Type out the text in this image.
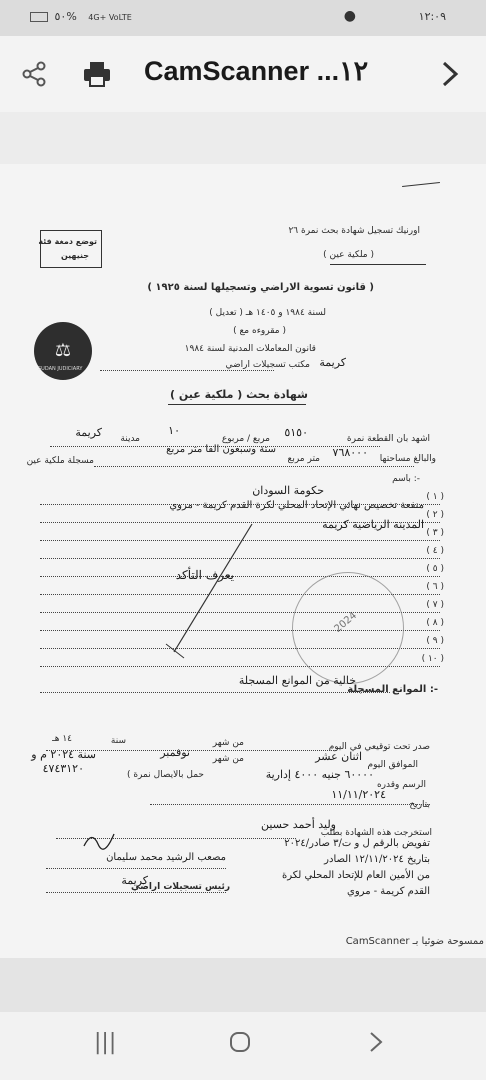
٥٠% 4G+ VoLTE	●	١٢:٠٩
CamScanner ...١٢
اورنيك تسجيل شهادة بحث نمرة ٢٦
( ملكية عين )
توضع دمغة فئة
جنيهين
( قانون تسوية الاراضي وتسجيلها لسنة ١٩٢٥ )
( تعديل ) لسنة ١٩٨٤ و ١٤٠٥ هـ
( مقروءه مع )
قانون المعاملات المدنية لسنة ١٩٨٤
مكتب تسجيلات اراضي كريمة
⚖
SUDAN JUDICIARY
شهادة بحث ( ملكية عين )
اشهد بان القطعة نمرة
٥١٥٠
مربع / مربوع
١٠
مدينة
كريمة
والبالغ مساحتها
٧٦٨٠٠٠
متر مربع
ستة وسبعون الفا متر مربع
مسجلة ملكية عين
باسم :-
( ١ )
حكومة السودان
( ٢ )
منفعة تخصيص نهائي الإتحاد المحلي لكرة القدم كريمة - مروي
( ٣ )
المدينة الرياضية كريمة
( ٤ )
( ٥ )
( ٦ )
يعرف التأكد
( ٧ )
( ٨ )
( ٩ )
( ١٠ )
2024
الموانع المسجلة :-
خالية من الموانع المسجلة
صدر تحت توقيعي في اليوم
من شهر
سنة
١٤ هـ
الموافق اليوم
اثنان عشر
من شهر
نوفمبر
سنة ٢٠٢٤ م و
الرسم وقدره
٦٠٠٠٠ جنيه ٤٠٠٠ إدارية
( حمل بالايصال نمرة
٤٧٤٣١٢٠
بتاريخ
١١/١١/٢٠٢٤
استخرجت هذه الشهادة بطلب
وليد أحمد حسين
تفويض بالرقم ل و ت/٣ صادر/٢٠٢٤
بتاريخ ١٢/١١/٢٠٢٤ الصادر
من الأمين العام للإتحاد المحلي لكرة
القدم كريمة - مروي
مصعب الرشيد محمد سليمان
رئيس تسجيلات اراضي
كريمة
CamScanner ممسوحة ضوئيا بـ
|||
